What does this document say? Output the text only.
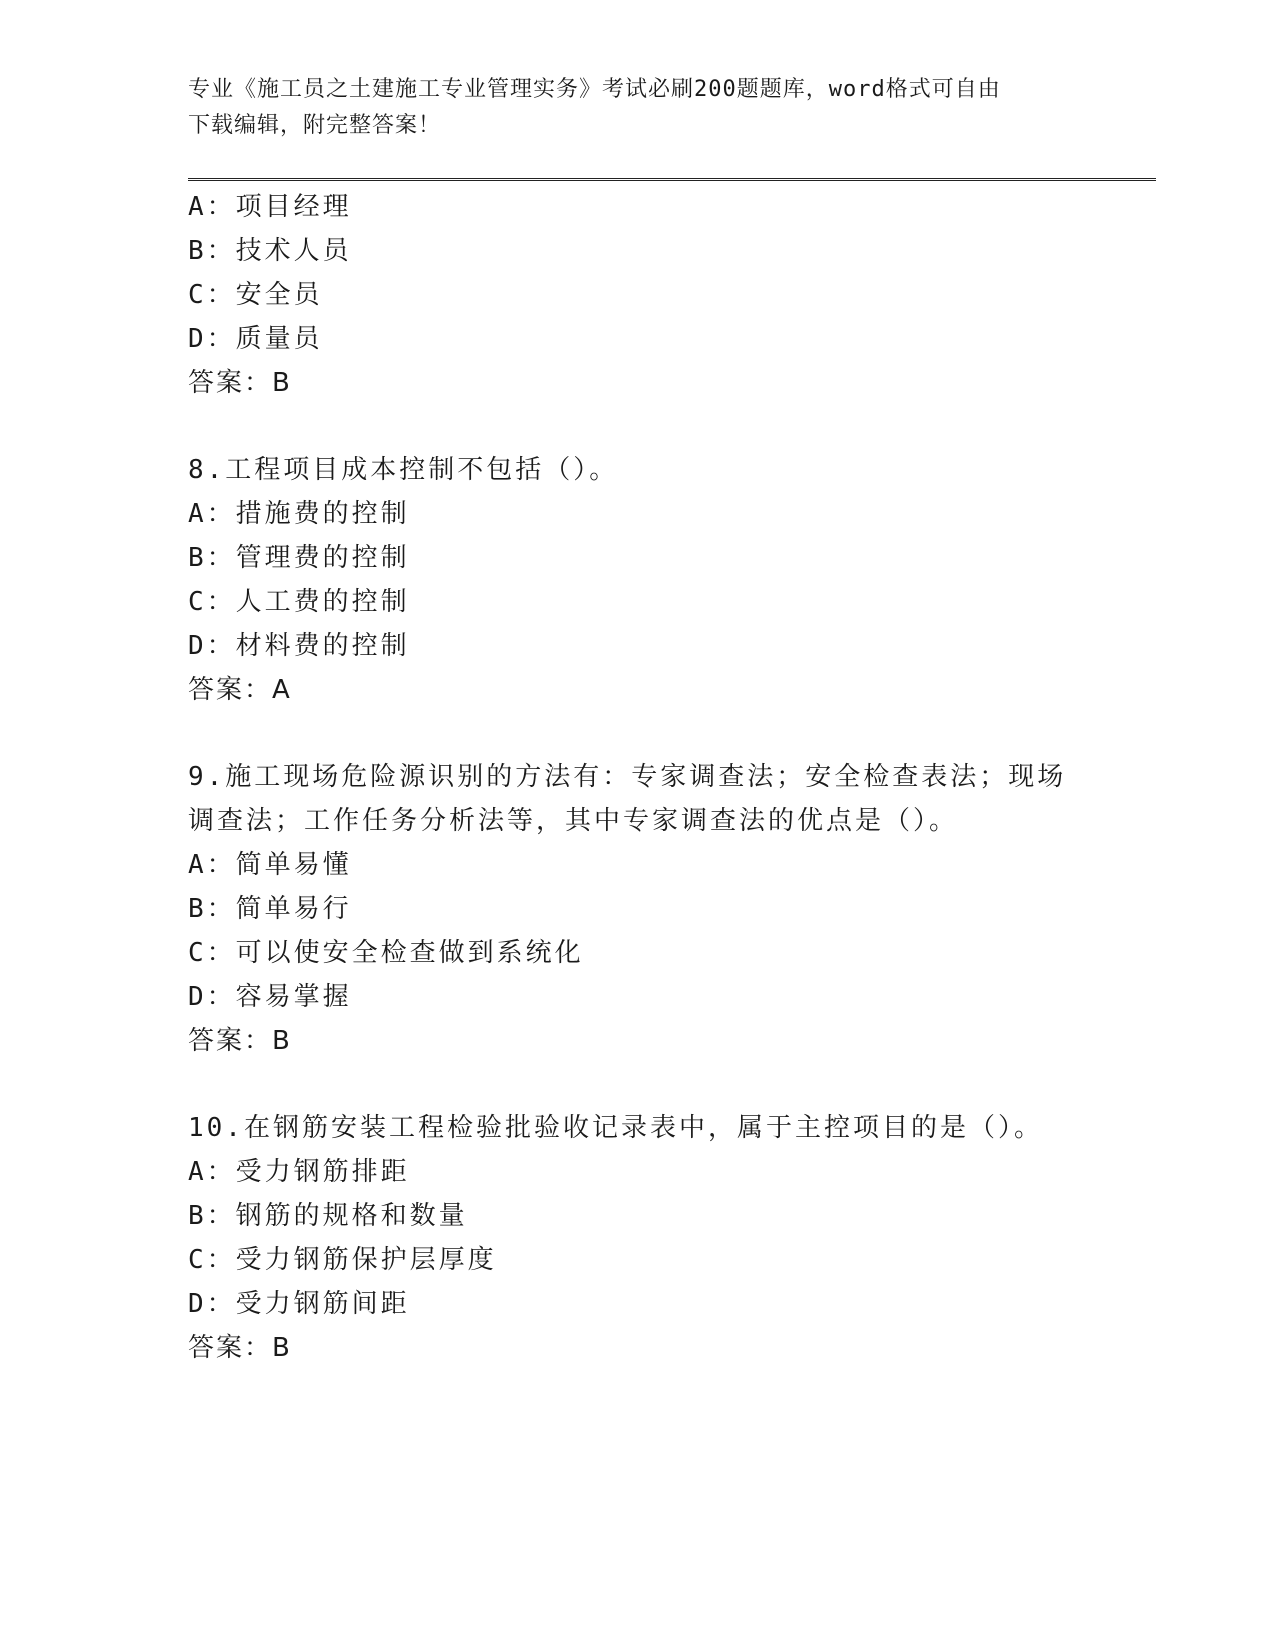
专业《施工员之土建施工专业管理实务》考试必刷200题题库，word格式可自由
下载编辑，附完整答案！
A：项目经理
B：技术人员
C：安全员
D：质量员
答案：B
8.工程项目成本控制不包括（）。
A：措施费的控制
B：管理费的控制
C：人工费的控制
D：材料费的控制
答案：A
9.施工现场危险源识别的方法有：专家调查法；安全检查表法；现场
调查法；工作任务分析法等，其中专家调查法的优点是（）。
A：简单易懂
B：简单易行
C：可以使安全检查做到系统化
D：容易掌握
答案：B
10.在钢筋安装工程检验批验收记录表中，属于主控项目的是（）。
A：受力钢筋排距
B：钢筋的规格和数量
C：受力钢筋保护层厚度
D：受力钢筋间距
答案：B
